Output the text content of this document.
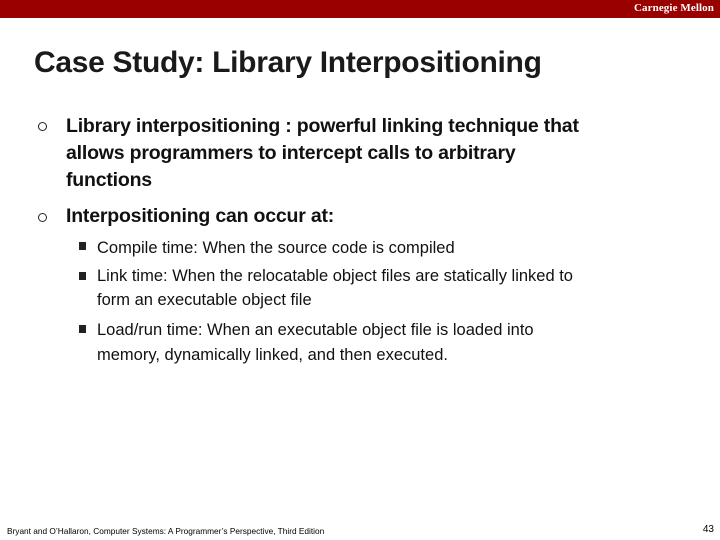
Carnegie Mellon
Case Study: Library Interpositioning
Library interpositioning : powerful linking technique that
allows programmers to intercept calls to arbitrary
functions
Interpositioning can occur at:
Compile time: When the source code is compiled
Link time: When the relocatable object files are statically linked to
form an executable object file
Load/run time: When an executable object file is loaded into
memory, dynamically linked, and then executed.
Bryant and O’Hallaron, Computer Systems: A Programmer’s Perspective, Third Edition	43
